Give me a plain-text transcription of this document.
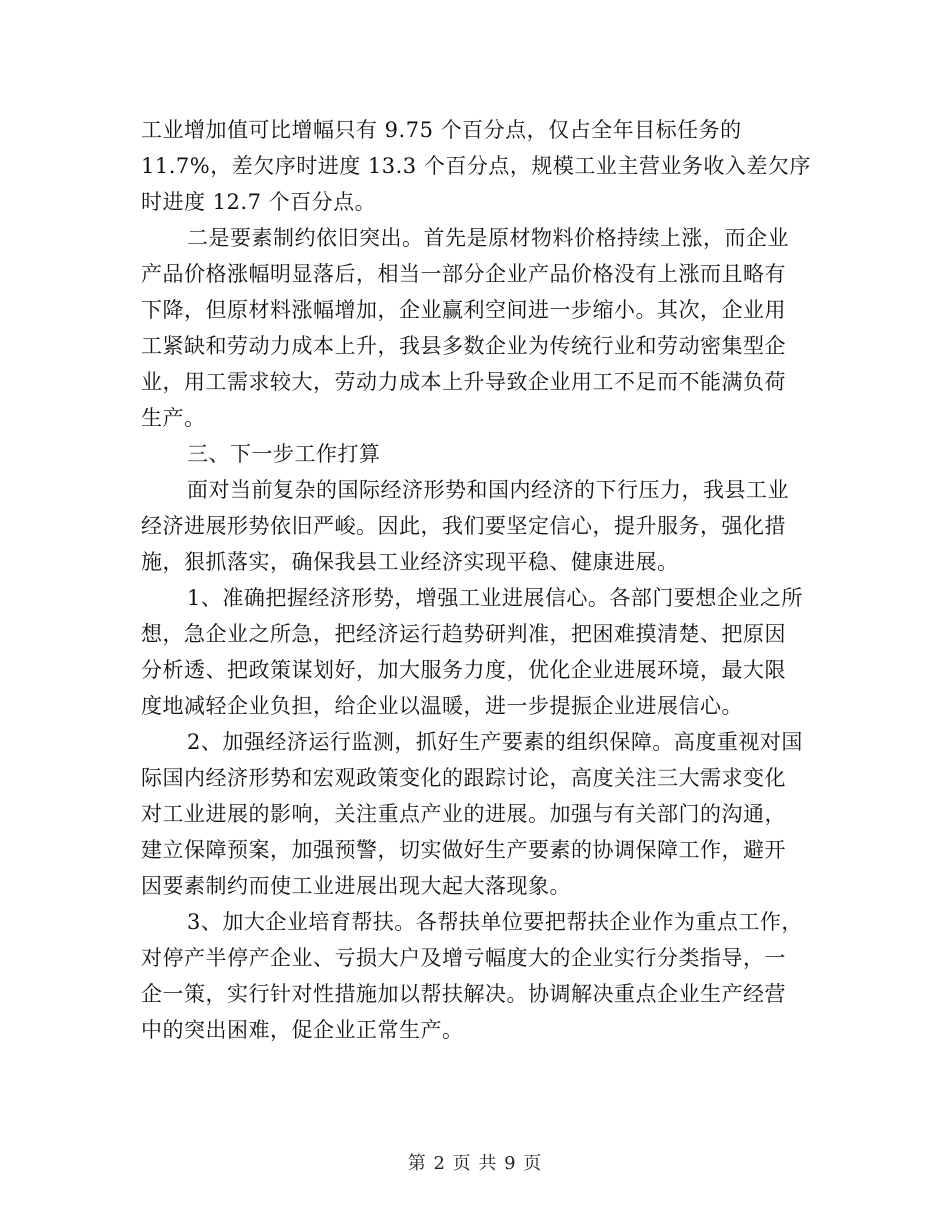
工业增加值可比增幅只有 9.75 个百分点，仅占全年目标任务的
11.7%，差欠序时进度 13.3 个百分点，规模工业主营业务收入差欠序
时进度 12.7 个百分点。
二是要素制约依旧突出。首先是原材物料价格持续上涨，而企业
产品价格涨幅明显落后，相当一部分企业产品价格没有上涨而且略有
下降，但原材料涨幅增加，企业赢利空间进一步缩小。其次，企业用
工紧缺和劳动力成本上升，我县多数企业为传统行业和劳动密集型企
业，用工需求较大，劳动力成本上升导致企业用工不足而不能满负荷
生产。
三、下一步工作打算
面对当前复杂的国际经济形势和国内经济的下行压力，我县工业
经济进展形势依旧严峻。因此，我们要坚定信心，提升服务，强化措
施，狠抓落实，确保我县工业经济实现平稳、健康进展。
1、准确把握经济形势，增强工业进展信心。各部门要想企业之所
想，急企业之所急，把经济运行趋势研判准，把困难摸清楚、把原因
分析透、把政策谋划好，加大服务力度，优化企业进展环境，最大限
度地减轻企业负担，给企业以温暖，进一步提振企业进展信心。
2、加强经济运行监测，抓好生产要素的组织保障。高度重视对国
际国内经济形势和宏观政策变化的跟踪讨论，高度关注三大需求变化
对工业进展的影响，关注重点产业的进展。加强与有关部门的沟通，
建立保障预案，加强预警，切实做好生产要素的协调保障工作，避开
因要素制约而使工业进展出现大起大落现象。
3、加大企业培育帮扶。各帮扶单位要把帮扶企业作为重点工作，
对停产半停产企业、亏损大户及增亏幅度大的企业实行分类指导，一
企一策，实行针对性措施加以帮扶解决。协调解决重点企业生产经营
中的突出困难，促企业正常生产。
第 2 页 共 9 页
